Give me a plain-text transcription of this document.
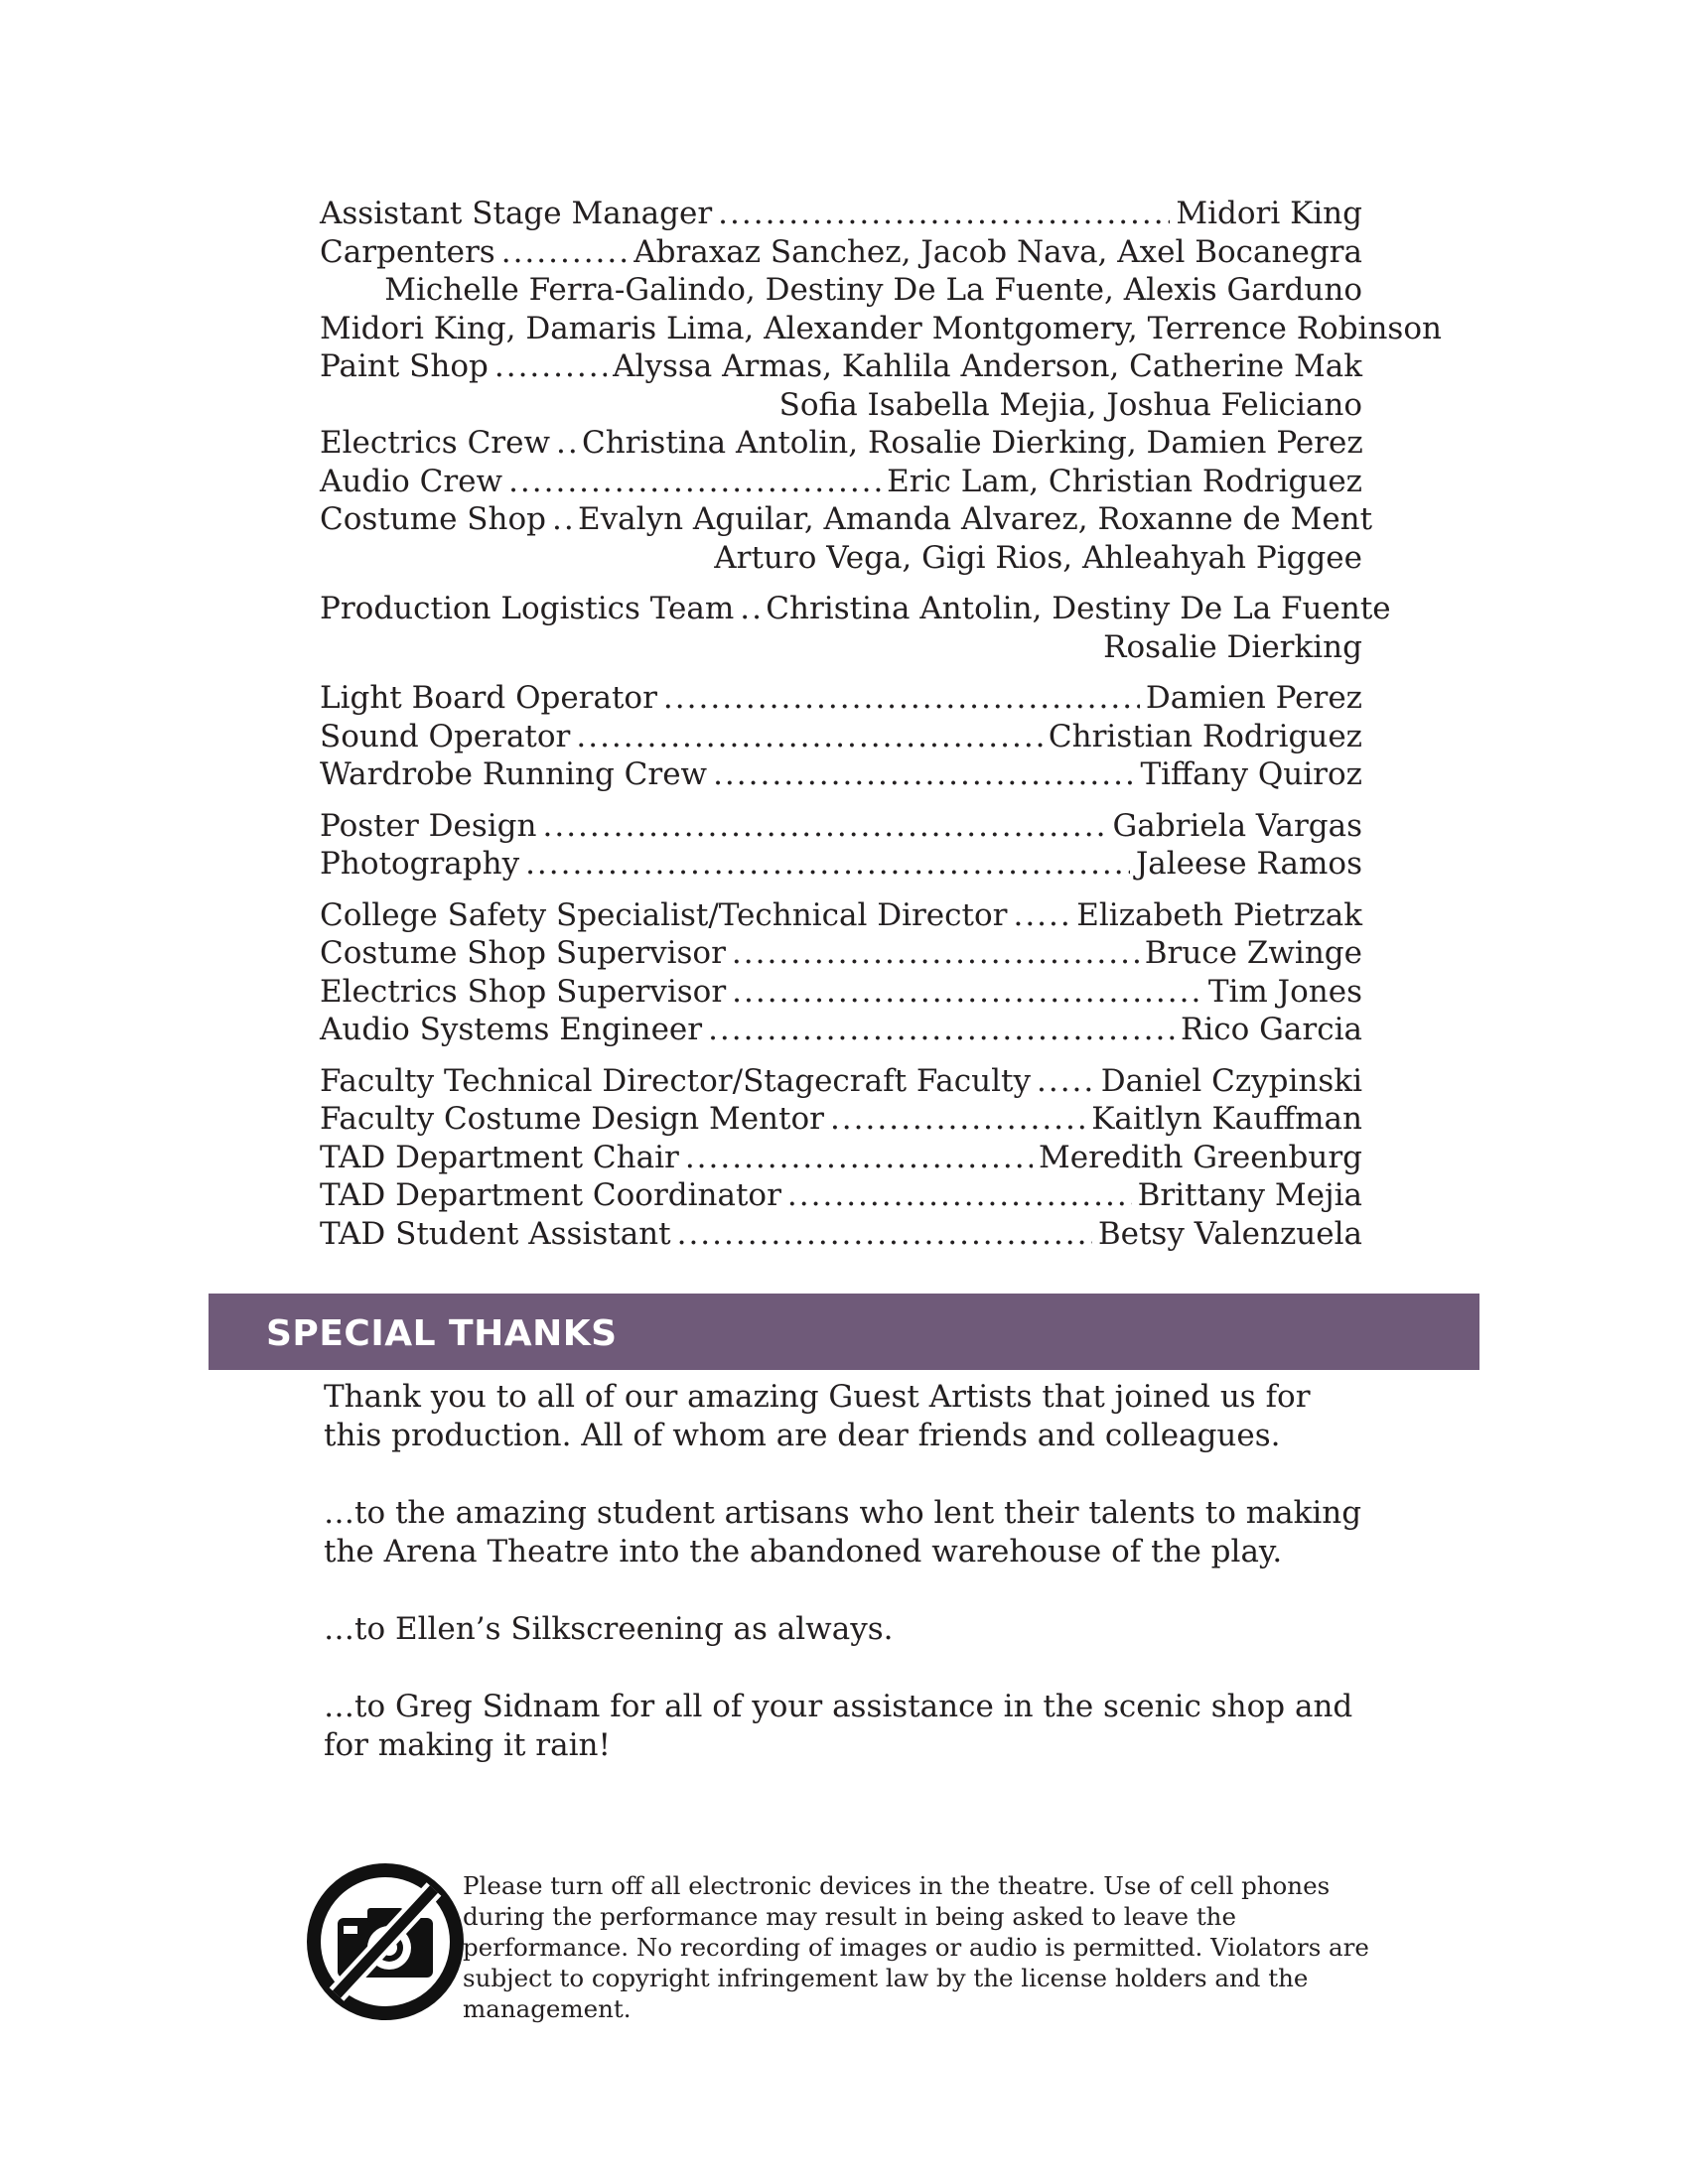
Assistant Stage Manager .....	Midori King
Carpenters .....	Abraxaz Sanchez, Jacob Nava, Axel Bocanegra
Michelle Ferra-Galindo, Destiny De La Fuente, Alexis Garduno
Midori King, Damaris Lima, Alexander Montgomery, Terrence Robinson
Paint Shop .....	Alyssa Armas, Kahlila Anderson, Catherine Mak
Sofia Isabella Mejia, Joshua Feliciano
Electrics Crew ..... Christina Antolin, Rosalie Dierking, Damien Perez
Audio Crew .....	Eric Lam, Christian Rodriguez
Costume Shop ..... Evalyn Aguilar, Amanda Alvarez, Roxanne de Ment
Arturo Vega, Gigi Rios, Ahleahyah Piggee
Production Logistics Team ..... Christina Antolin, Destiny De La Fuente
Rosalie Dierking
Light Board Operator .....	Damien Perez
Sound Operator .....	Christian Rodriguez
Wardrobe Running Crew .....	Tiffany Quiroz
Poster Design .....	Gabriela Vargas
Photography .....	Jaleese Ramos
College Safety Specialist/Technical Director ..... Elizabeth Pietrzak
Costume Shop Supervisor .....	Bruce Zwinge
Electrics Shop Supervisor .....	Tim Jones
Audio Systems Engineer .....	Rico Garcia
Faculty Technical Director/Stagecraft Faculty ..... Daniel Czypinski
Faculty Costume Design Mentor .....	Kaitlyn Kauffman
TAD Department Chair .....	Meredith Greenburg
TAD Department Coordinator .....	Brittany Mejia
TAD Student Assistant .....	Betsy Valenzuela
SPECIAL THANKS

Thank you to all of our amazing Guest Artists that joined us for this production. All of whom are dear friends and colleagues.

…to the amazing student artisans who lent their talents to making the Arena Theatre into the abandoned warehouse of the play.

…to Ellen’s Silkscreening as always.

…to Greg Sidnam for all of your assistance in the scenic shop and for making it rain!

Please turn off all electronic devices in the theatre. Use of cell phones during the performance may result in being asked to leave the performance. No recording of images or audio is permitted. Violators are subject to copyright infringement law by the license holders and the management.
